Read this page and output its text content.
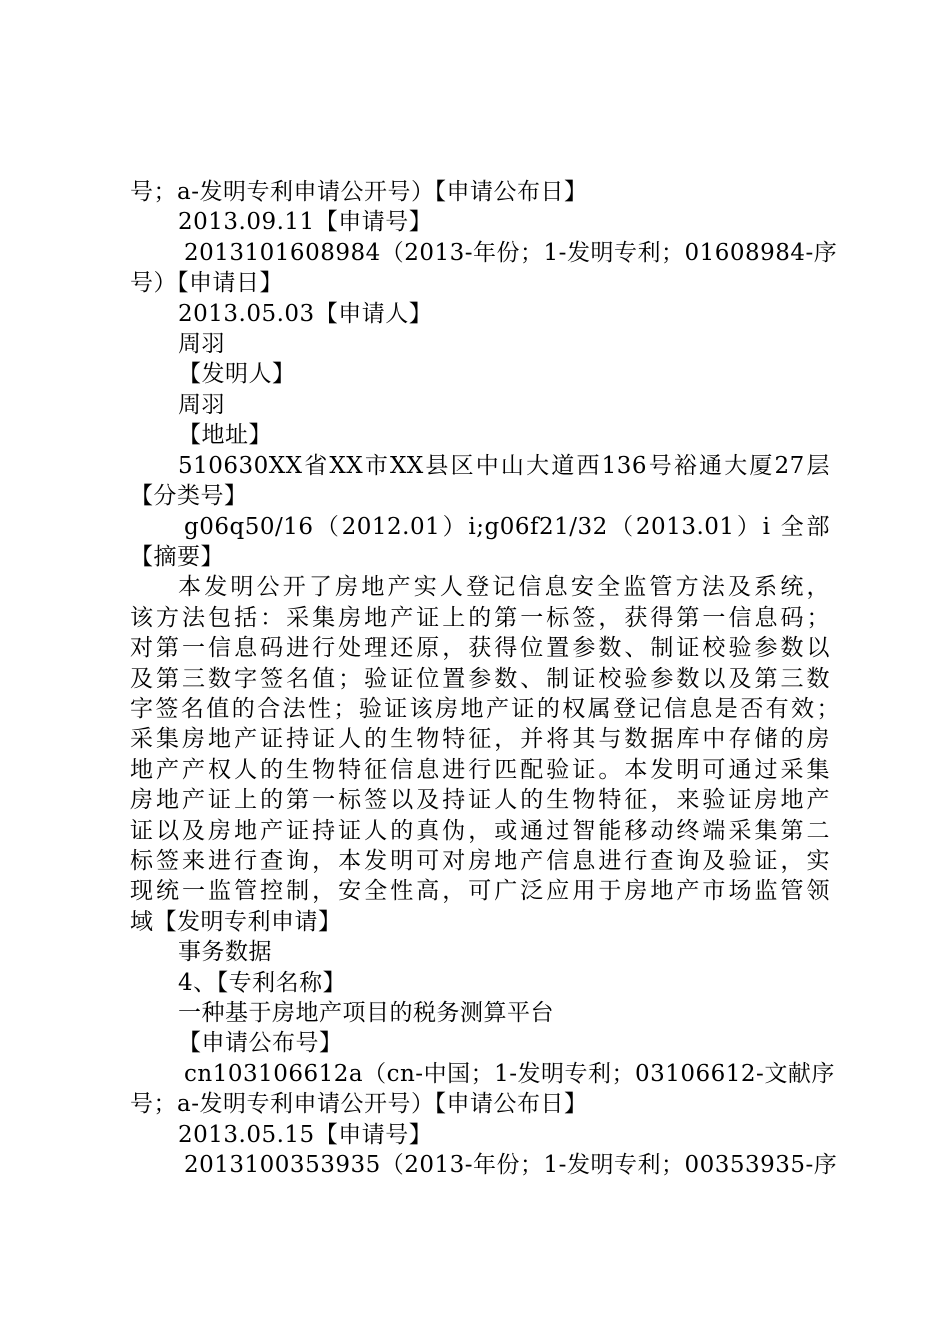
号；a-发明专利申请公开号）【申请公布日】
2013.09.11【申请号】
2013101608984（2013-年份；1-发明专利；01608984-序
号）【申请日】
2013.05.03【申请人】
周羽
【发明人】
周羽
【地址】
510630XX省XX市XX县区中山大道西136号裕通大厦27层
【分类号】
g06q50/16（2012.01）i;g06f21/32（2013.01）i 全部
【摘要】
本发明公开了房地产实人登记信息安全监管方法及系统，
该方法包括：采集房地产证上的第一标签，获得第一信息码；
对第一信息码进行处理还原，获得位置参数、制证校验参数以
及第三数字签名值；验证位置参数、制证校验参数以及第三数
字签名值的合法性；验证该房地产证的权属登记信息是否有效；
采集房地产证持证人的生物特征，并将其与数据库中存储的房
地产产权人的生物特征信息进行匹配验证。本发明可通过采集
房地产证上的第一标签以及持证人的生物特征，来验证房地产
证以及房地产证持证人的真伪，或通过智能移动终端采集第二
标签来进行查询，本发明可对房地产信息进行查询及验证，实
现统一监管控制，安全性高，可广泛应用于房地产市场监管领
域【发明专利申请】
事务数据
4、【专利名称】
一种基于房地产项目的税务测算平台
【申请公布号】
cn103106612a（cn-中国；1-发明专利；03106612-文献序
号；a-发明专利申请公开号）【申请公布日】
2013.05.15【申请号】
2013100353935（2013-年份；1-发明专利；00353935-序
